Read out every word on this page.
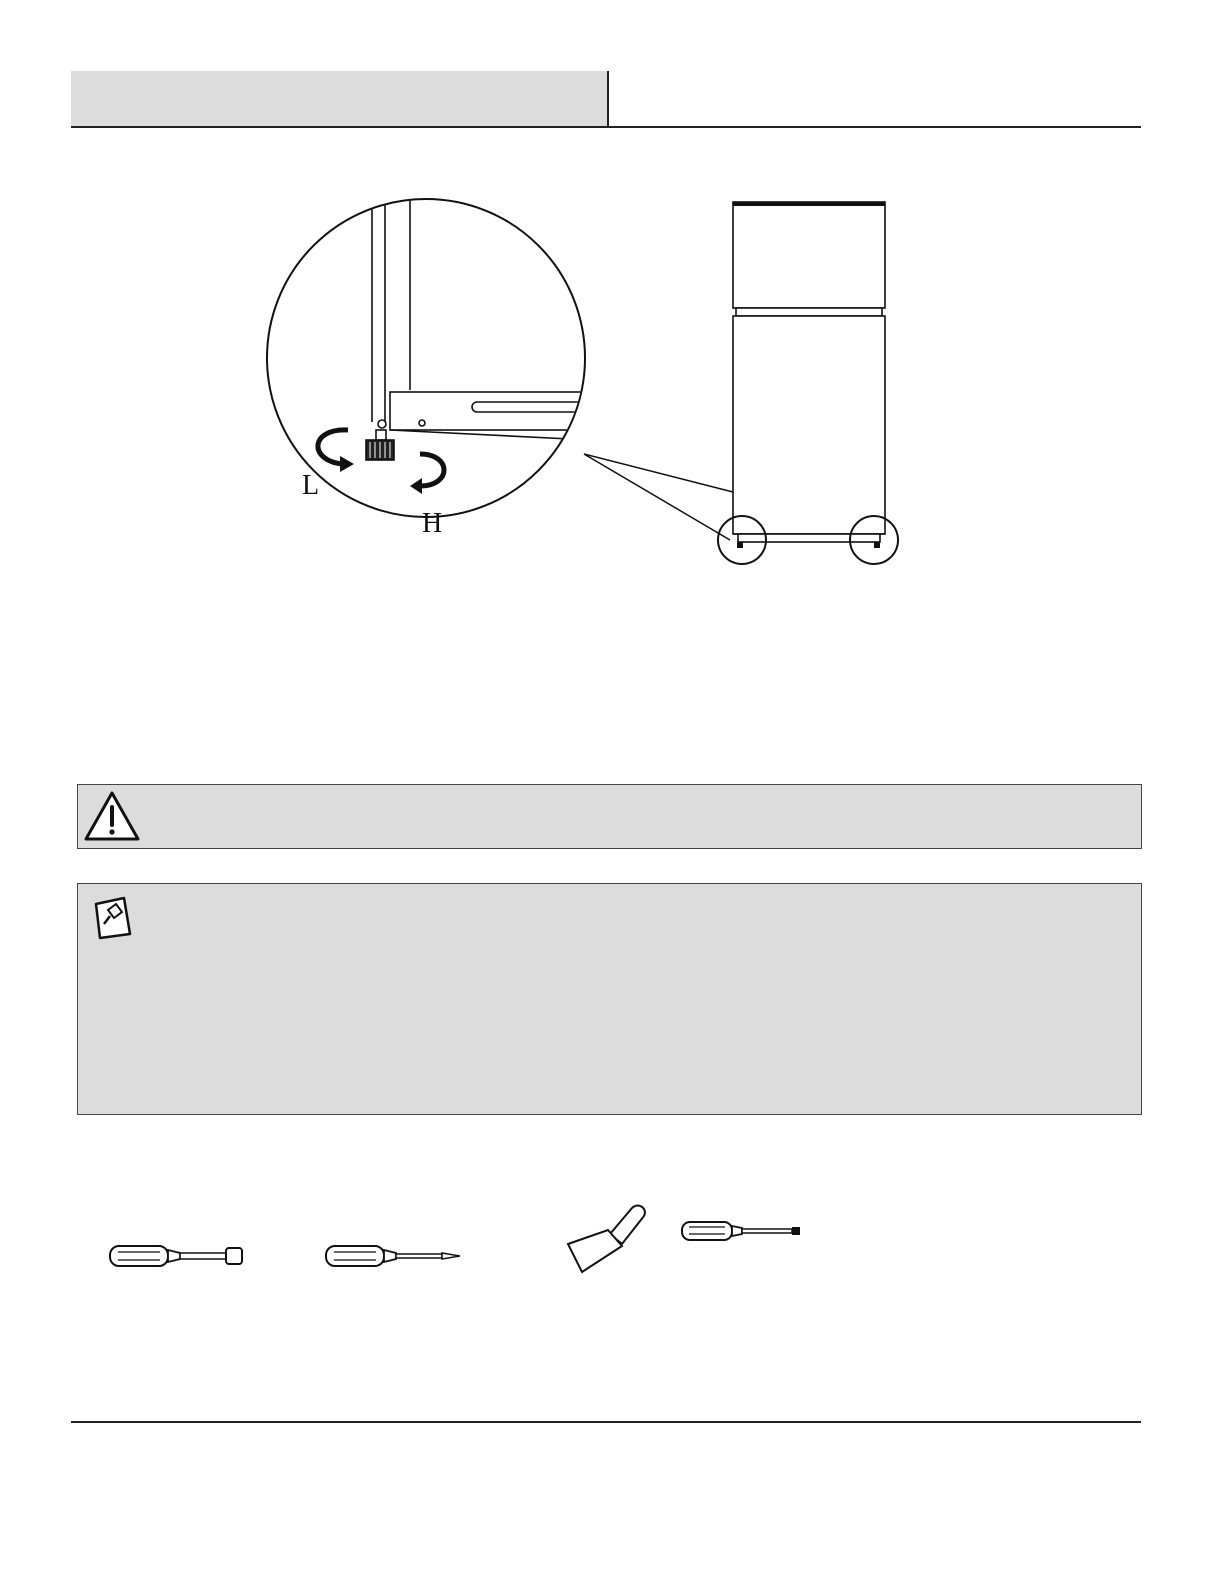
L
H
